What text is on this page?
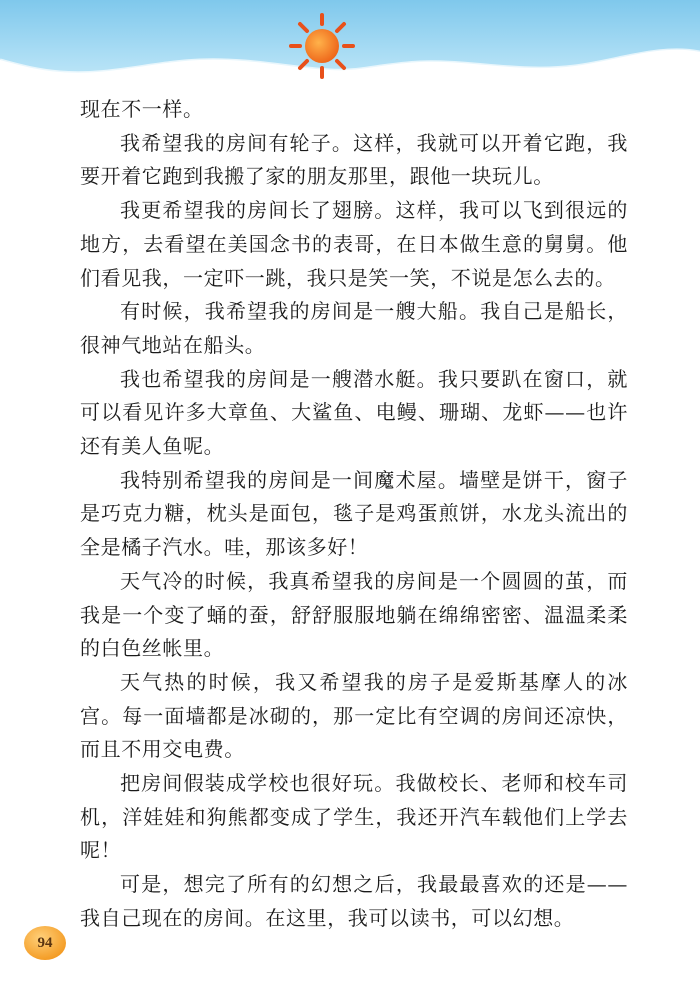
现在不一样。

我希望我的房间有轮子。这样，我就可以开着它跑，我要开着它跑到我搬了家的朋友那里，跟他一块玩儿。

我更希望我的房间长了翅膀。这样，我可以飞到很远的地方，去看望在美国念书的表哥，在日本做生意的舅舅。他们看见我，一定吓一跳，我只是笑一笑，不说是怎么去的。

有时候，我希望我的房间是一艘大船。我自己是船长，很神气地站在船头。

我也希望我的房间是一艘潜水艇。我只要趴在窗口，就可以看见许多大章鱼、大鲨鱼、电鳗、珊瑚、龙虾——也许还有美人鱼呢。

我特别希望我的房间是一间魔术屋。墙壁是饼干，窗子是巧克力糖，枕头是面包，毯子是鸡蛋煎饼，水龙头流出的全是橘子汽水。哇，那该多好！

天气冷的时候，我真希望我的房间是一个圆圆的茧，而我是一个变了蛹的蚕，舒舒服服地躺在绵绵密密、温温柔柔的白色丝帐里。

天气热的时候，我又希望我的房子是爱斯基摩人的冰宫。每一面墙都是冰砌的，那一定比有空调的房间还凉快，而且不用交电费。

把房间假装成学校也很好玩。我做校长、老师和校车司机，洋娃娃和狗熊都变成了学生，我还开汽车载他们上学去呢！

可是，想完了所有的幻想之后，我最最喜欢的还是——我自己现在的房间。在这里，我可以读书，可以幻想。

94
